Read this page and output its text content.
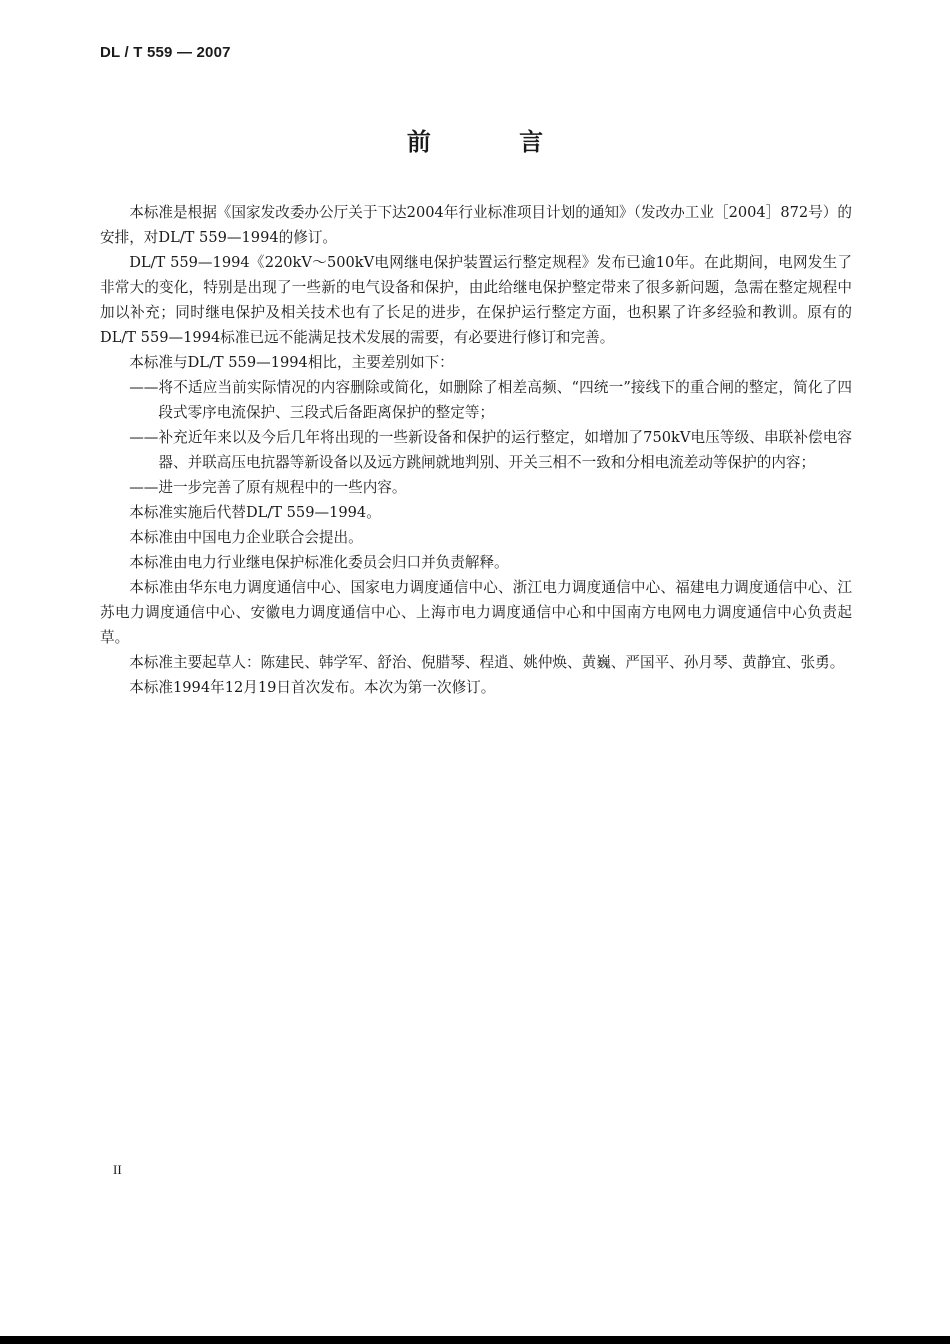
DL / T 559 — 2007
前 言

本标准是根据《国家发改委办公厅关于下达2004年行业标准项目计划的通知》（发改办工业［2004］872号）的安排，对DL/T 559—1994的修订。

DL/T 559—1994《220kV～500kV电网继电保护装置运行整定规程》发布已逾10年。在此期间，电网发生了非常大的变化，特别是出现了一些新的电气设备和保护，由此给继电保护整定带来了很多新问题，急需在整定规程中加以补充；同时继电保护及相关技术也有了长足的进步，在保护运行整定方面，也积累了许多经验和教训。原有的DL/T 559—1994标准已远不能满足技术发展的需要，有必要进行修订和完善。

本标准与DL/T 559—1994相比，主要差别如下：

——将不适应当前实际情况的内容删除或简化，如删除了相差高频、“四统一”接线下的重合闸的整定，简化了四段式零序电流保护、三段式后备距离保护的整定等；

——补充近年来以及今后几年将出现的一些新设备和保护的运行整定，如增加了750kV电压等级、串联补偿电容器、并联高压电抗器等新设备以及远方跳闸就地判别、开关三相不一致和分相电流差动等保护的内容；

——进一步完善了原有规程中的一些内容。

本标准实施后代替DL/T 559—1994。

本标准由中国电力企业联合会提出。

本标准由电力行业继电保护标准化委员会归口并负责解释。

本标准由华东电力调度通信中心、国家电力调度通信中心、浙江电力调度通信中心、福建电力调度通信中心、江苏电力调度通信中心、安徽电力调度通信中心、上海市电力调度通信中心和中国南方电网电力调度通信中心负责起草。

本标准主要起草人：陈建民、韩学军、舒治、倪腊琴、程逍、姚仲焕、黄巍、严国平、孙月琴、黄静宜、张勇。

本标准1994年12月19日首次发布。本次为第一次修订。

II
